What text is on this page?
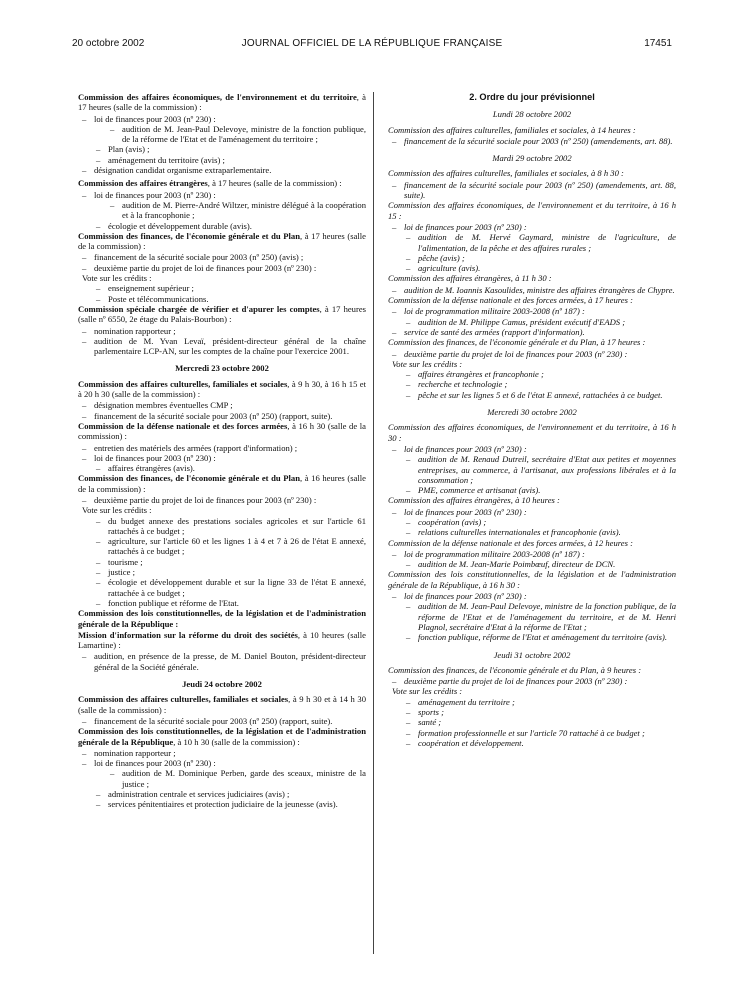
20 octobre 2002	JOURNAL OFFICIEL DE LA RÉPUBLIQUE FRANÇAISE	17451

Commission des affaires économiques, de l'environnement et du territoire, à 17 heures (salle de la commission) :

– loi de finances pour 2003 (nº 230) :
– audition de M. Jean-Paul Delevoye, ministre de la fonction publique, de la réforme de l'Etat et de l'aménagement du territoire ;
– Plan (avis) ;
– aménagement du territoire (avis) ;
– désignation candidat organisme extraparlementaire.

Commission des affaires étrangères, à 17 heures (salle de la commission) :

– loi de finances pour 2003 (nº 230) :
– audition de M. Pierre-André Wiltzer, ministre délégué à la coopération et à la francophonie ;
– écologie et développement durable (avis).

Commission des finances, de l'économie générale et du Plan, à 17 heures (salle de la commission) :

– financement de la sécurité sociale pour 2003 (nº 250) (avis) ;
– deuxième partie du projet de loi de finances pour 2003 (nº 230) :

Vote sur les crédits :

– enseignement supérieur ;
– Poste et télécommunications.

Commission spéciale chargée de vérifier et d'apurer les comptes, à 17 heures (salle nº 6550, 2e étage du Palais-Bourbon) :

– nomination rapporteur ;
– audition de M. Yvan Levaï, président-directeur général de la chaîne parlementaire LCP-AN, sur les comptes de la chaîne pour l'exercice 2001.
Mercredi 23 octobre 2002

Commission des affaires culturelles, familiales et sociales, à 9 h 30, à 16 h 15 et à 20 h 30 (salle de la commission) :

– désignation membres éventuelles CMP ;
– financement de la sécurité sociale pour 2003 (nº 250) (rapport, suite).

Commission de la défense nationale et des forces armées, à 16 h 30 (salle de la commission) :

– entretien des matériels des armées (rapport d'information) ;
– loi de finances pour 2003 (nº 230) :
– affaires étrangères (avis).

Commission des finances, de l'économie générale et du Plan, à 16 heures (salle de la commission) :

– deuxième partie du projet de loi de finances pour 2003 (nº 230) :

Vote sur les crédits :

– du budget annexe des prestations sociales agricoles et sur l'article 61 rattachés à ce budget ;
– agriculture, sur l'article 60 et les lignes 1 à 4 et 7 à 26 de l'état E annexé, rattachés à ce budget ;
– tourisme ;
– justice ;
– écologie et développement durable et sur la ligne 33 de l'état E annexé, rattachée à ce budget ;
– fonction publique et réforme de l'Etat.

Commission des lois constitutionnelles, de la législation et de l'administration générale de la République :

Mission d'information sur la réforme du droit des sociétés, à 10 heures (salle Lamartine) :

– audition, en présence de la presse, de M. Daniel Bouton, président-directeur général de la Société générale.
Jeudi 24 octobre 2002

Commission des affaires culturelles, familiales et sociales, à 9 h 30 et à 14 h 30 (salle de la commission) :

– financement de la sécurité sociale pour 2003 (nº 250) (rapport, suite).

Commission des lois constitutionnelles, de la législation et de l'administration générale de la République, à 10 h 30 (salle de la commission) :

– nomination rapporteur ;
– loi de finances pour 2003 (nº 230) :
– audition de M. Dominique Perben, garde des sceaux, ministre de la justice ;
– administration centrale et services judiciaires (avis) ;
– services pénitentiaires et protection judiciaire de la jeunesse (avis).
2. Ordre du jour prévisionnel
Lundi 28 octobre 2002

Commission des affaires culturelles, familiales et sociales, à 14 heures :

– financement de la sécurité sociale pour 2003 (nº 250) (amendements, art. 88).
Mardi 29 octobre 2002

Commission des affaires culturelles, familiales et sociales, à 8 h 30 :

– financement de la sécurité sociale pour 2003 (nº 250) (amendements, art. 88, suite).

Commission des affaires économiques, de l'environnement et du territoire, à 16 h 15 :

– loi de finances pour 2003 (nº 230) :
– audition de M. Hervé Gaymard, ministre de l'agriculture, de l'alimentation, de la pêche et des affaires rurales ;
– pêche (avis) ;
– agriculture (avis).

Commission des affaires étrangères, à 11 h 30 :

– audition de M. Ioannis Kasoulides, ministre des affaires étrangères de Chypre.

Commission de la défense nationale et des forces armées, à 17 heures :

– loi de programmation militaire 2003-2008 (nº 187) :
– audition de M. Philippe Camus, président exécutif d'EADS ;
– service de santé des armées (rapport d'information).

Commission des finances, de l'économie générale et du Plan, à 17 heures :

– deuxième partie du projet de loi de finances pour 2003 (nº 230) :

Vote sur les crédits :

– affaires étrangères et francophonie ;
– recherche et technologie ;
– pêche et sur les lignes 5 et 6 de l'état E annexé, rattachées à ce budget.
Mercredi 30 octobre 2002

Commission des affaires économiques, de l'environnement et du territoire, à 16 h 30 :

– loi de finances pour 2003 (nº 230) :
– audition de M. Renaud Dutreil, secrétaire d'Etat aux petites et moyennes entreprises, au commerce, à l'artisanat, aux professions libérales et à la consommation ;
– PME, commerce et artisanat (avis).

Commission des affaires étrangères, à 10 heures :

– loi de finances pour 2003 (nº 230) :
– coopération (avis) ;
– relations culturelles internationales et francophonie (avis).

Commission de la défense nationale et des forces armées, à 12 heures :

– loi de programmation militaire 2003-2008 (nº 187) :
– audition de M. Jean-Marie Poimbœuf, directeur de DCN.

Commission des lois constitutionnelles, de la législation et de l'administration générale de la République, à 16 h 30 :

– loi de finances pour 2003 (nº 230) :
– audition de M. Jean-Paul Delevoye, ministre de la fonction publique, de la réforme de l'Etat et de l'aménagement du territoire, et de M. Henri Plagnol, secrétaire d'Etat à la réforme de l'Etat ;
– fonction publique, réforme de l'Etat et aménagement du territoire (avis).
Jeudi 31 octobre 2002

Commission des finances, de l'économie générale et du Plan, à 9 heures :

– deuxième partie du projet de loi de finances pour 2003 (nº 230) :

Vote sur les crédits :

– aménagement du territoire ;
– sports ;
– santé ;
– formation professionnelle et sur l'article 70 rattaché à ce budget ;
– coopération et développement.
